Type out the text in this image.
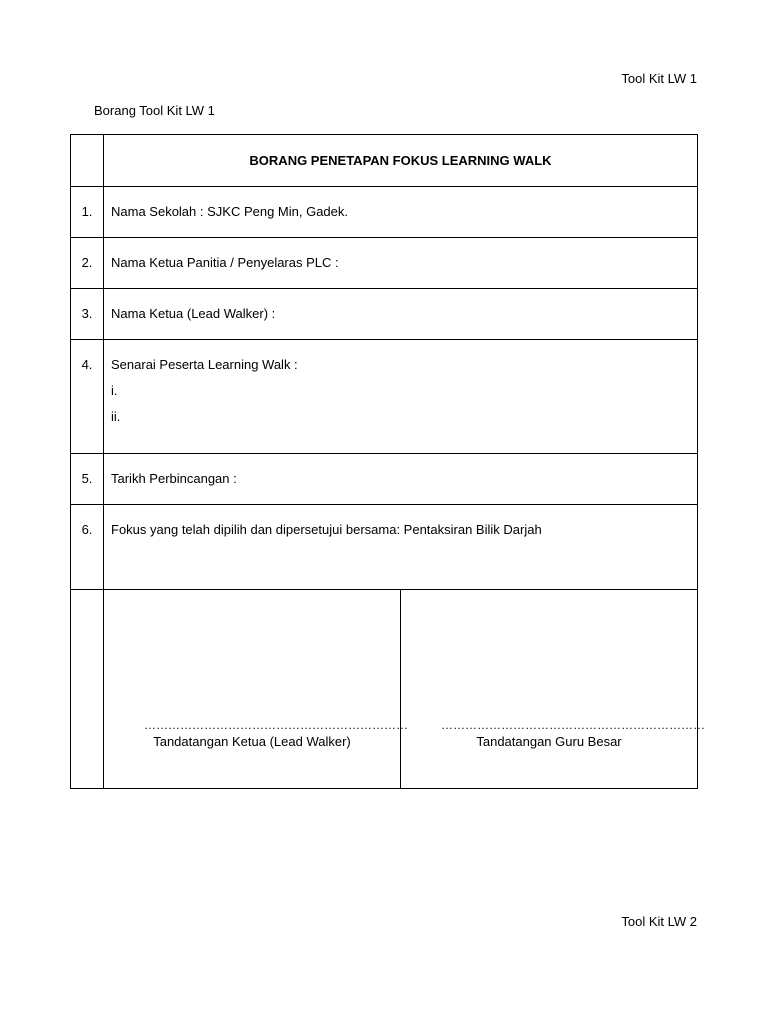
Tool Kit LW 1
Borang Tool Kit LW 1
	BORANG PENETAPAN FOKUS LEARNING WALK

1.	Nama Sekolah : SJKC Peng Min, Gadek.

2.	Nama Ketua Panitia / Penyelaras PLC :

3.	Nama Ketua (Lead Walker) :

4.	Senarai Peserta Learning Walk :
i.
ii.

5.	Tarikh Perbincangan :

6.	Fokus yang telah dipilih dan dipersetujui bersama: Pentaksiran Bilik Darjah

…………………………………………………………
Tandatangan Ketua (Lead Walker)

…………………………………………………………
Tandatangan Guru Besar
Tool Kit LW 2
